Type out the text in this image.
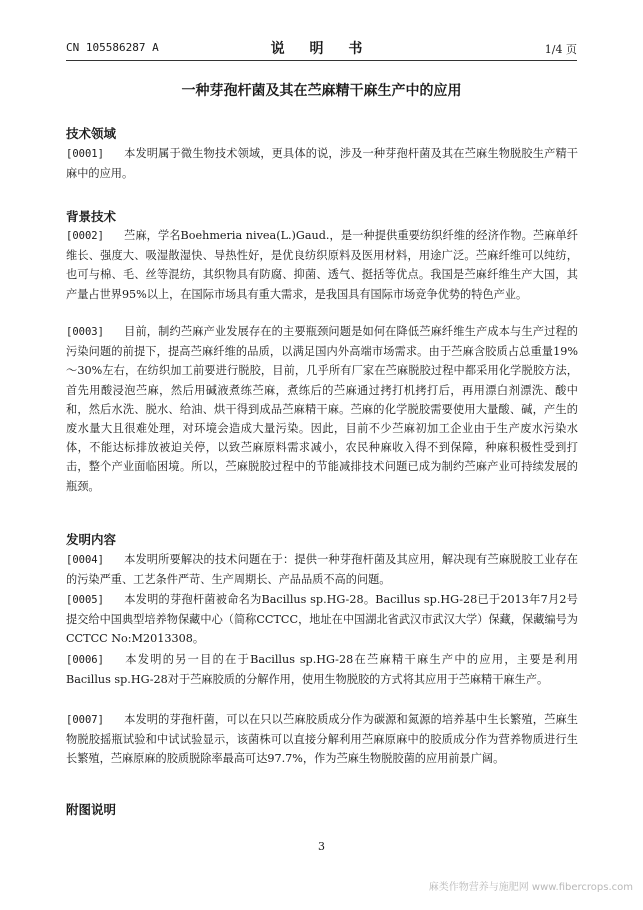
CN 105586287 A	说 明 书	1/4 页
一种芽孢杆菌及其在苎麻精干麻生产中的应用
技术领域
[0001] 本发明属于微生物技术领域，更具体的说，涉及一种芽孢杆菌及其在苎麻生物脱胶生产精干麻中的应用。
背景技术
[0002] 苎麻，学名Boehmeria nivea(L.)Gaud.，是一种提供重要纺织纤维的经济作物。苎麻单纤维长、强度大、吸湿散湿快、导热性好，是优良纺织原料及医用材料，用途广泛。苎麻纤维可以纯纺，也可与棉、毛、丝等混纺，其织物具有防腐、抑菌、透气、挺括等优点。我国是苎麻纤维生产大国，其产量占世界95%以上，在国际市场具有重大需求，是我国具有国际市场竞争优势的特色产业。
[0003] 目前，制约苎麻产业发展存在的主要瓶颈问题是如何在降低苎麻纤维生产成本与生产过程的污染问题的前提下，提高苎麻纤维的品质，以满足国内外高端市场需求。由于苎麻含胶质占总重量19%～30%左右，在纺织加工前要进行脱胶，目前，几乎所有厂家在苎麻脱胶过程中都采用化学脱胶方法，首先用酸浸泡苎麻，然后用碱液煮练苎麻，煮练后的苎麻通过拷打机拷打后，再用漂白剂漂洗、酸中和，然后水洗、脱水、给油、烘干得到成品苎麻精干麻。苎麻的化学脱胶需要使用大量酸、碱，产生的废水量大且很难处理，对环境会造成大量污染。因此，目前不少苎麻初加工企业由于生产废水污染水体，不能达标排放被迫关停，以致苎麻原料需求减小，农民种麻收入得不到保障，种麻积极性受到打击，整个产业面临困境。所以，苎麻脱胶过程中的节能减排技术问题已成为制约苎麻产业可持续发展的瓶颈。
发明内容
[0004] 本发明所要解决的技术问题在于：提供一种芽孢杆菌及其应用，解决现有苎麻脱胶工业存在的污染严重、工艺条件严苛、生产周期长、产品品质不高的问题。
[0005] 本发明的芽孢杆菌被命名为Bacillus sp.HG-28。Bacillus sp.HG-28已于2013年7月2号提交给中国典型培养物保藏中心（简称CCTCC，地址在中国湖北省武汉市武汉大学）保藏，保藏编号为CCTCC No:M2013308。
[0006] 本发明的另一目的在于Bacillus sp.HG-28在苎麻精干麻生产中的应用，主要是利用Bacillus sp.HG-28对于苎麻胶质的分解作用，使用生物脱胶的方式将其应用于苎麻精干麻生产。
[0007] 本发明的芽孢杆菌，可以在只以苎麻胶质成分作为碳源和氮源的培养基中生长繁殖，苎麻生物脱胶摇瓶试验和中试试验显示，该菌株可以直接分解利用苎麻原麻中的胶质成分作为营养物质进行生长繁殖，苎麻原麻的胶质脱除率最高可达97.7%，作为苎麻生物脱胶菌的应用前景广阔。
附图说明
3
麻类作物营养与施肥网 www.fibercrops.com
